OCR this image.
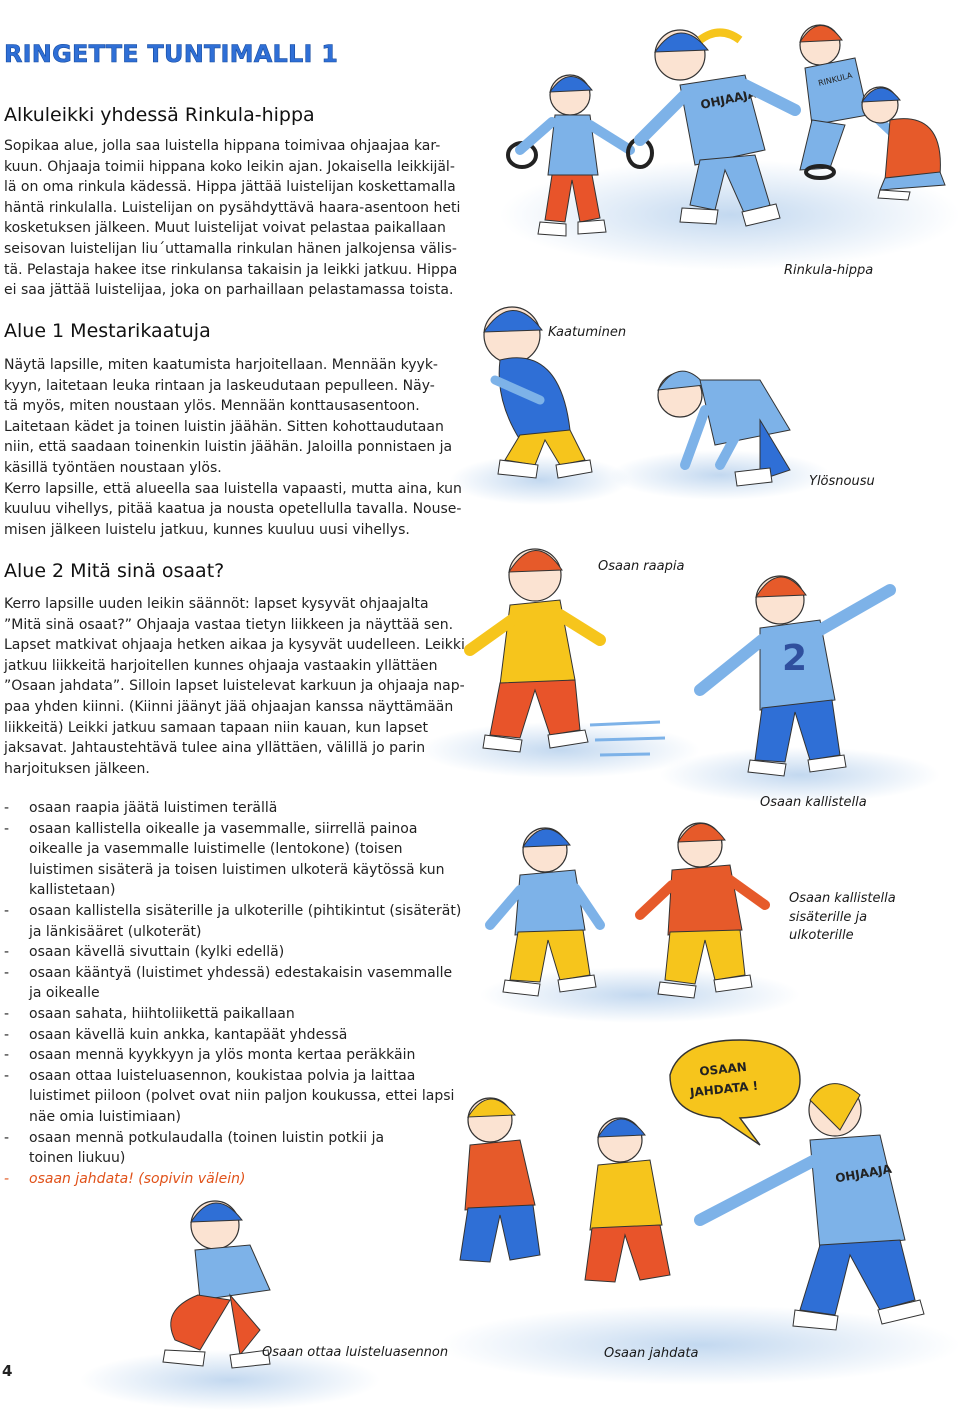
OHJAAJA
RINKULA
2
OSAAN
JAHDATA !
OHJAAJA
RINGETTE TUNTIMALLI 1
Alkuleikki yhdessä Rinkula-hippa

Sopikaa alue, jolla saa luistella hippana toimivaa ohjaajaa kar-
kuun. Ohjaaja toimii hippana koko leikin ajan. Jokaisella leikkijäl-
lä on oma rinkula kädessä. Hippa jättää luistelijan koskettamalla
häntä rinkulalla. Luistelijan on pysähdyttävä haara-asentoon heti
kosketuksen jälkeen. Muut luistelijat voivat pelastaa paikallaan
seisovan luistelijan liu´uttamalla rinkulan hänen jalkojensa välis-
tä. Pelastaja hakee itse rinkulansa takaisin ja leikki jatkuu. Hippa
ei saa jättää luistelijaa, joka on parhaillaan pelastamassa toista.

Alue 1 Mestarikaatuja

Näytä lapsille, miten kaatumista harjoitellaan. Mennään kyyk-
kyyn, laitetaan leuka rintaan ja laskeudutaan pepulleen. Näy-
tä myös, miten noustaan ylös. Mennään konttausasentoon.
Laitetaan kädet ja toinen luistin jäähän. Sitten kohottaudutaan
niin, että saadaan toinenkin luistin jäähän. Jaloilla ponnistaen ja
käsillä työntäen noustaan ylös.
Kerro lapsille, että alueella saa luistella vapaasti, mutta aina, kun
kuuluu vihellys, pitää kaatua ja nousta opetellulla tavalla. Nouse-
misen jälkeen luistelu jatkuu, kunnes kuuluu uusi vihellys.

Alue 2 Mitä sinä osaat?

Kerro lapsille uuden leikin säännöt: lapset kysyvät ohjaajalta
”Mitä sinä osaat?” Ohjaaja vastaa tietyn liikkeen ja näyttää sen.
Lapset matkivat ohjaaja hetken aikaa ja kysyvät uudelleen. Leikki
jatkuu liikkeitä harjoitellen kunnes ohjaaja vastaakin yllättäen
”Osaan jahdata”. Silloin lapset luistelevat karkuun ja ohjaaja nap-
paa yhden kiinni. (Kiinni jäänyt jää ohjaajan kanssa näyttämään
liikkeitä) Leikki jatkuu samaan tapaan niin kauan, kun lapset
jaksavat. Jahtaustehtävä tulee aina yllättäen, välillä jo parin
harjoituksen jälkeen.

- osaan raapia jäätä luistimen terällä
- osaan kallistella oikealle ja vasemmalle, siirrellä painoa
oikealle ja vasemmalle luistimelle (lentokone) (toisen
luistimen sisäterä ja toisen luistimen ulkoterä käytössä kun
kallistetaan)
- osaan kallistella sisäterille ja ulkoterille (pihtikintut (sisäterät)
ja länkisääret (ulkoterät)
- osaan kävellä sivuttain (kylki edellä)
- osaan kääntyä (luistimet yhdessä) edestakaisin vasemmalle
ja oikealle
- osaan sahata, hiihtoliikettä paikallaan
- osaan kävellä kuin ankka, kantapäät yhdessä
- osaan mennä kyykkyyn ja ylös monta kertaa peräkkäin
- osaan ottaa luisteluasennon, koukistaa polvia ja laittaa
luistimet piiloon (polvet ovat niin paljon koukussa, ettei lapsi
näe omia luistimiaan)
- osaan mennä potkulaudalla (toinen luistin potkii ja
toinen liukuu)
- osaan jahdata! (sopivin välein)

Rinkula-hippa

Kaatuminen

Ylösnousu

Osaan raapia

Osaan kallistella

Osaan kallistella
sisäterille ja
ulkoterille

Osaan ottaa luisteluasennon	Osaan jahdata

4
